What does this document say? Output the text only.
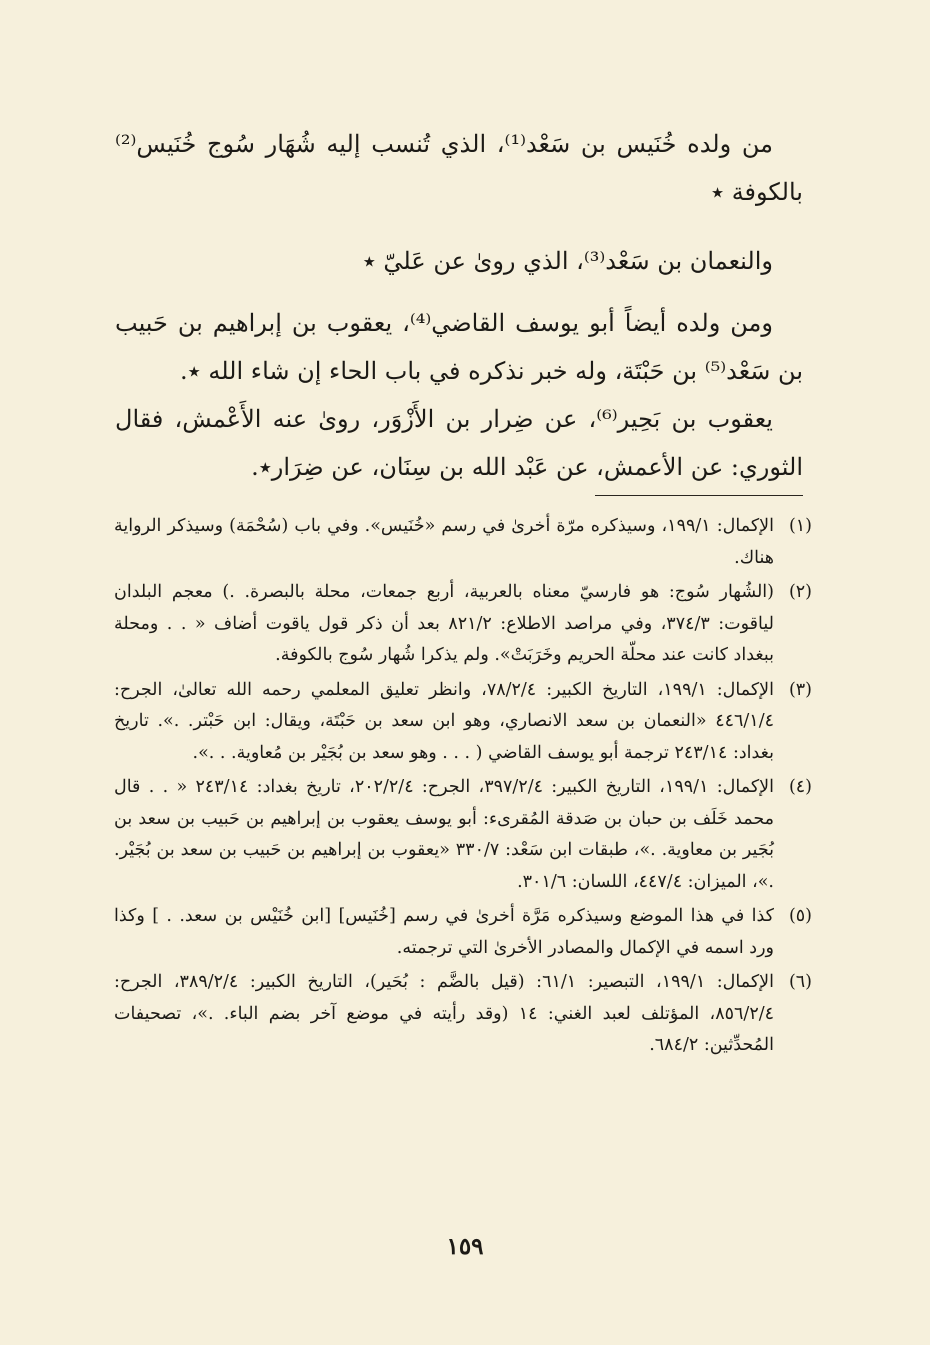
من ولده خُنَيس بن سَعْد⁽¹⁾، الذي تُنسب إليه شُهَار سُوج خُنَيس⁽²⁾ بالكوفة ٭

والنعمان بن سَعْد⁽³⁾، الذي روىٰ عن عَليّ ٭

ومن ولده أيضاً أبو يوسف القاضي⁽⁴⁾، يعقوب بن إبراهيم بن حَبيب بن سَعْد⁽⁵⁾ بن حَبْتَة، وله خبر نذكره في باب الحاء إن شاء الله ٭.

يعقوب بن بَحِير⁽⁶⁾، عن ضِرار بن الأَزْوَر، روىٰ عنه الأَعْمش، فقال الثوري: عن الأعمش، عن عَبْد الله بن سِنَان، عن ضِرَار٭.

(١)
الإكمال: ١٩٩/١، وسيذكره مرّة أخرىٰ في رسم «خُنَيس». وفي باب (سُحْمَة) وسيذكر الرواية هناك.
(٢)
(الشُهار سُوج: هو فارسيّ معناه بالعربية، أربع جمعات، محلة بالبصرة. .) معجم البلدان لياقوت: ٣٧٤/٣، وفي مراصد الاطلاع: ٨٢١/٢ بعد أن ذكر قول ياقوت أضاف « . . ومحلة ببغداد كانت عند محلّة الحريم وخَرَبَتْ». ولم يذكرا شُهار سُوج بالكوفة.
(٣)
الإكمال: ١٩٩/١، التاريخ الكبير: ٧٨/٢/٤، وانظر تعليق المعلمي رحمه الله تعالىٰ، الجرح: ٤٤٦/١/٤ «النعمان بن سعد الانصاري، وهو ابن سعد بن حَبْتَة، ويقال: ابن حَبْتر. .». تاريخ بغداد: ٢٤٣/١٤ ترجمة أبو يوسف القاضي ( . . . وهو سعد بن بُجَيْر بن مُعاوية. . .».
(٤)
الإكمال: ١٩٩/١، التاريخ الكبير: ٣٩٧/٢/٤، الجرح: ٢٠٢/٢/٤، تاريخ بغداد: ٢٤٣/١٤ « . . قال محمد خَلَف بن حبان بن صَدقة المُقرىء: أبو يوسف يعقوب بن إبراهيم بن حَبيب بن سعد بن بُجَير بن معاوية. .»، طبقات ابن سَعْد: ٣٣٠/٧ «يعقوب بن إبراهيم بن حَبيب بن سعد بن بُجَيْر. .»، الميزان: ٤٤٧/٤، اللسان: ٣٠١/٦.
(٥)
كذا في هذا الموضع وسيذكره مَرَّة أخرىٰ في رسم [خُنَيس] [ابن خُنَيْس بن سعد. . ] وكذا ورد اسمه في الإكمال والمصادر الأخرىٰ التي ترجمته.
(٦)
الإكمال: ١٩٩/١، التبصير: ٦١/١: (قيل بالضَّم : بُحَير)، التاريخ الكبير: ٣٨٩/٢/٤، الجرح: ٨٥٦/٢/٤، المؤتلف لعبد الغني: ١٤ (وقد رأيته في موضع آخر بضم الباء. .»، تصحيفات المُحدِّثين: ٦٨٤/٢.
١٥٩
